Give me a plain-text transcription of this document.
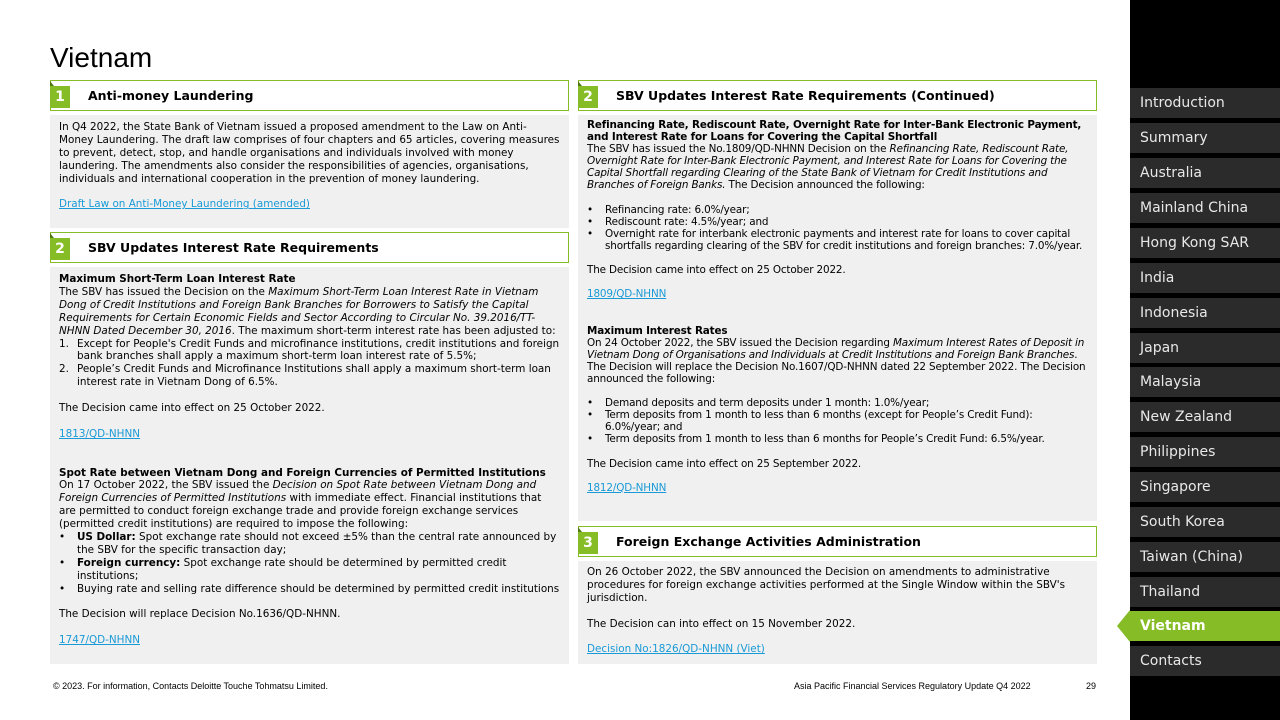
Vietnam
1	Anti-money Laundering

In Q4 2022, the State Bank of Vietnam issued a proposed amendment to the Law on Anti-Money Laundering. The draft law comprises of four chapters and 65 articles, covering measures to prevent, detect, stop, and handle organisations and individuals involved with money laundering. The amendments also consider the responsibilities of agencies, organisations, individuals and international cooperation in the prevention of money laundering.

Draft Law on Anti-Money Laundering (amended)
2	SBV Updates Interest Rate Requirements

Maximum Short-Term Loan Interest Rate

The SBV has issued the Decision on the Maximum Short-Term Loan Interest Rate in Vietnam Dong of Credit Institutions and Foreign Bank Branches for Borrowers to Satisfy the Capital Requirements for Certain Economic Fields and Sector According to Circular No. 39.2016/TT-NHNN Dated December 30, 2016. The maximum short-term interest rate has been adjusted to:

1. Except for People's Credit Funds and microfinance institutions, credit institutions and foreign bank branches shall apply a maximum short-term loan interest rate of 5.5%;
2. People’s Credit Funds and Microfinance Institutions shall apply a maximum short-term loan interest rate in Vietnam Dong of 6.5%.

The Decision came into effect on 25 October 2022.

1813/QD-NHNN

Spot Rate between Vietnam Dong and Foreign Currencies of Permitted Institutions

On 17 October 2022, the SBV issued the Decision on Spot Rate between Vietnam Dong and Foreign Currencies of Permitted Institutions with immediate effect. Financial institutions that are permitted to conduct foreign exchange trade and provide foreign exchange services (permitted credit institutions) are required to impose the following:

• US Dollar: Spot exchange rate should not exceed ±5% than the central rate announced by the SBV for the specific transaction day;
• Foreign currency: Spot exchange rate should be determined by permitted credit institutions;
• Buying rate and selling rate difference should be determined by permitted credit institutions

The Decision will replace Decision No.1636/QD-NHNN.

1747/QD-NHNN
2	SBV Updates Interest Rate Requirements (Continued)

Refinancing Rate, Rediscount Rate, Overnight Rate for Inter-Bank Electronic Payment, and Interest Rate for Loans for Covering the Capital Shortfall

The SBV has issued the No.1809/QD-NHNN Decision on the Refinancing Rate, Rediscount Rate, Overnight Rate for Inter-Bank Electronic Payment, and Interest Rate for Loans for Covering the Capital Shortfall regarding Clearing of the State Bank of Vietnam for Credit Institutions and Branches of Foreign Banks. The Decision announced the following:

• Refinancing rate: 6.0%/year;
• Rediscount rate: 4.5%/year; and
• Overnight rate for interbank electronic payments and interest rate for loans to cover capital shortfalls regarding clearing of the SBV for credit institutions and foreign branches: 7.0%/year.

The Decision came into effect on 25 October 2022.

1809/QD-NHNN

Maximum Interest Rates

On 24 October 2022, the SBV issued the Decision regarding Maximum Interest Rates of Deposit in Vietnam Dong of Organisations and Individuals at Credit Institutions and Foreign Bank Branches. The Decision will replace the Decision No.1607/QD-NHNN dated 22 September 2022. The Decision announced the following:

• Demand deposits and term deposits under 1 month: 1.0%/year;
• Term deposits from 1 month to less than 6 months (except for People’s Credit Fund): 6.0%/year; and
• Term deposits from 1 month to less than 6 months for People’s Credit Fund: 6.5%/year.

The Decision came into effect on 25 September 2022.

1812/QD-NHNN
3	Foreign Exchange Activities Administration

On 26 October 2022, the SBV announced the Decision on amendments to administrative procedures for foreign exchange activities performed at the Single Window within the SBV's jurisdiction.

The Decision can into effect on 15 November 2022.

Decision No:1826/QD-NHNN (Viet)
© 2023. For information, Contacts Deloitte Touche Tohmatsu Limited.	Asia Pacific Financial Services Regulatory Update Q4 2022	29
Introduction
Summary
Australia
Mainland China
Hong Kong SAR
India
Indonesia
Japan
Malaysia
New Zealand
Philippines
Singapore
South Korea
Taiwan (China)
Thailand
Vietnam
Contacts
